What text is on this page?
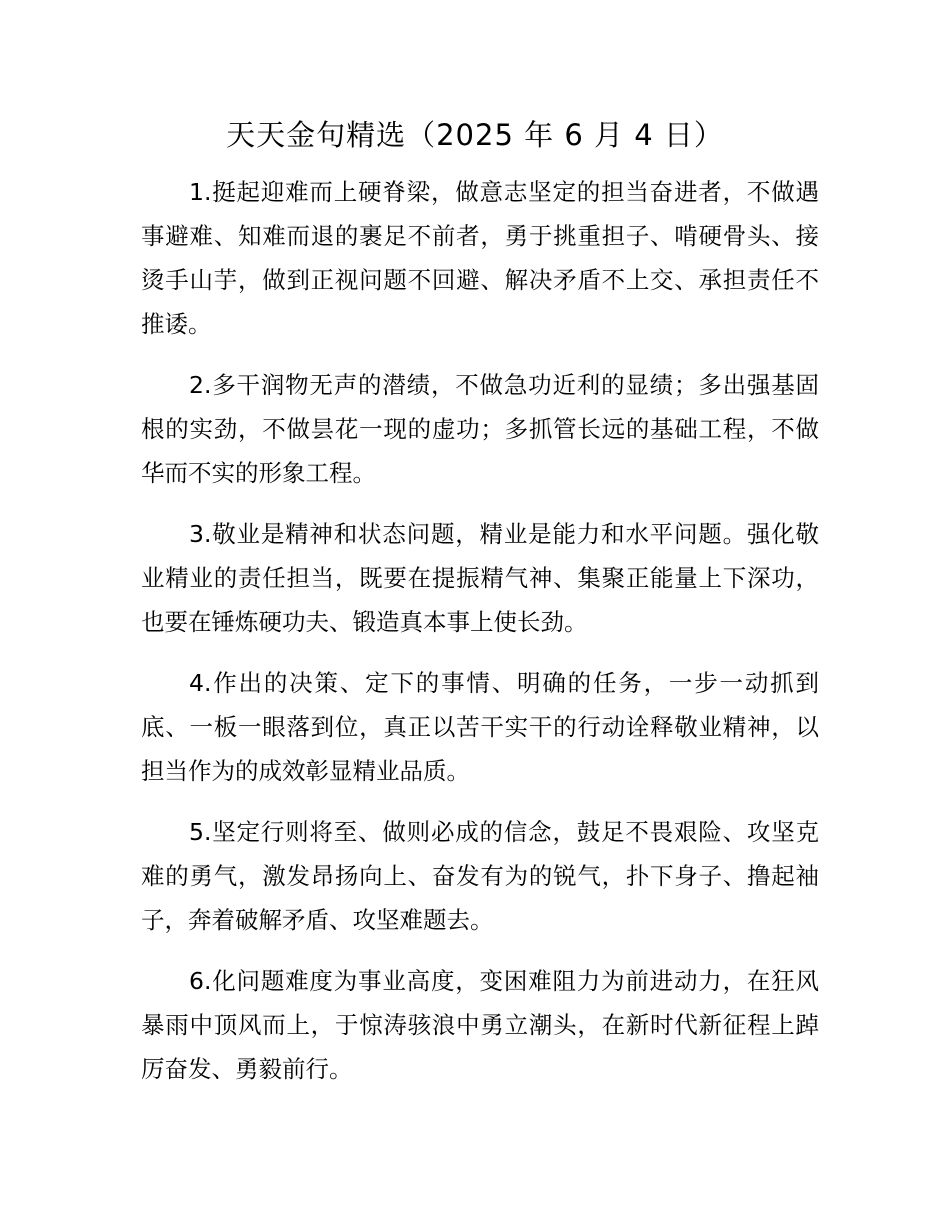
天天金句精选（2025 年 6 月 4 日）

1.挺起迎难而上硬脊梁，做意志坚定的担当奋进者，不做遇事避难、知难而退的裹足不前者，勇于挑重担子、啃硬骨头、接烫手山芋，做到正视问题不回避、解决矛盾不上交、承担责任不推诿。

2.多干润物无声的潜绩，不做急功近利的显绩；多出强基固根的实劲，不做昙花一现的虚功；多抓管长远的基础工程，不做华而不实的形象工程。

3.敬业是精神和状态问题，精业是能力和水平问题。强化敬业精业的责任担当，既要在提振精气神、集聚正能量上下深功，也要在锤炼硬功夫、锻造真本事上使长劲。

4.作出的决策、定下的事情、明确的任务，一步一动抓到底、一板一眼落到位，真正以苦干实干的行动诠释敬业精神，以担当作为的成效彰显精业品质。

5.坚定行则将至、做则必成的信念，鼓足不畏艰险、攻坚克难的勇气，激发昂扬向上、奋发有为的锐气，扑下身子、撸起袖子，奔着破解矛盾、攻坚难题去。

6.化问题难度为事业高度，变困难阻力为前进动力，在狂风暴雨中顶风而上，于惊涛骇浪中勇立潮头，在新时代新征程上踔厉奋发、勇毅前行。
